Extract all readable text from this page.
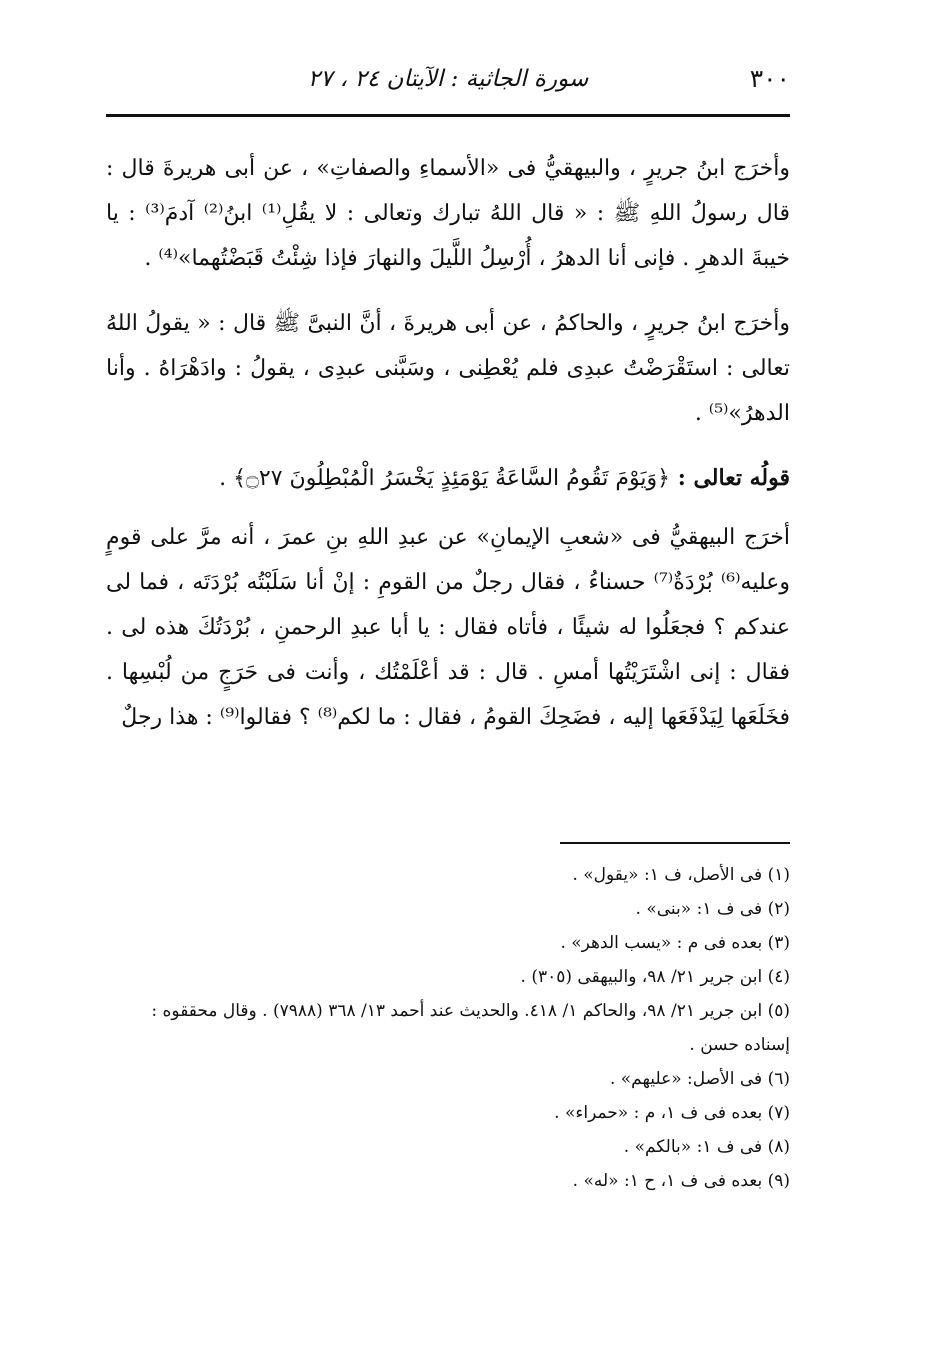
٣٠٠
سورة الجاثية : الآيتان ٢٤ ، ٢٧

وأخرَج ابنُ جريرٍ ، والبيهقيُّ فى «الأسماءِ والصفاتِ» ، عن أبى هريرةَ قال : قال رسولُ اللهِ ﷺ : « قال اللهُ تبارك وتعالى : لا يقُلِ⁽¹⁾ ابنُ⁽²⁾ آدمَ⁽³⁾ : يا خيبةَ الدهرِ . فإنى أنا الدهرُ ، أُرْسِلُ اللَّيلَ والنهارَ فإذا شِئْتُ قَبَضْتُهما»⁽⁴⁾ .

وأخرَج ابنُ جريرٍ ، والحاكمُ ، عن أبى هريرةَ ، أنَّ النبىَّ ﷺ قال : « يقولُ اللهُ تعالى : استَقْرَضْتُ عبدِى فلم يُعْطِنى ، وسَبَّنى عبدِى ، يقولُ : وادَهْرَاهُ . وأنا الدهرُ»⁽⁵⁾ .

قولُه تعالى : ﴿وَيَوْمَ تَقُومُ السَّاعَةُ يَوْمَئِذٍ يَخْسَرُ الْمُبْطِلُونَ ۝٢٧﴾ .

أخرَج البيهقيُّ فى «شعبِ الإيمانِ» عن عبدِ اللهِ بنِ عمرَ ، أنه مرَّ على قومٍ وعليه⁽⁶⁾ بُرْدَةٌ⁽⁷⁾ حسناءُ ، فقال رجلٌ من القومِ : إنْ أنا سَلَبْتُه بُرْدَتَه ، فما لى عندكم ؟ فجعَلُوا له شيئًا ، فأتاه فقال : يا أبا عبدِ الرحمنِ ، بُرْدَتُكَ هذه لى . فقال : إنى اشْتَرَيْتُها أمسِ . قال : قد أعْلَمْتُك ، وأنت فى حَرَجٍ من لُبْسِها . فخَلَعَها لِيَدْفَعَها إليه ، فضَحِكَ القومُ ، فقال : ما لكم⁽⁸⁾ ؟ فقالوا⁽⁹⁾ : هذا رجلٌ

(١) فى الأصل، ف ١: «يقول» .

(٢) فى ف ١: «بنى» .

(٣) بعده فى م : «يسب الدهر» .

(٤) ابن جرير ٢١/ ٩٨، والبيهقى (٣٠٥) .

(٥) ابن جرير ٢١/ ٩٨، والحاكم ١/ ٤١٨. والحديث عند أحمد ١٣/ ٣٦٨ (٧٩٨٨) . وقال محققوه : إسناده حسن .

(٦) فى الأصل: «عليهم» .

(٧) بعده فى ف ١، م : «حمراء» .

(٨) فى ف ١: «بالكم» .

(٩) بعده فى ف ١، ح ١: «له» .
